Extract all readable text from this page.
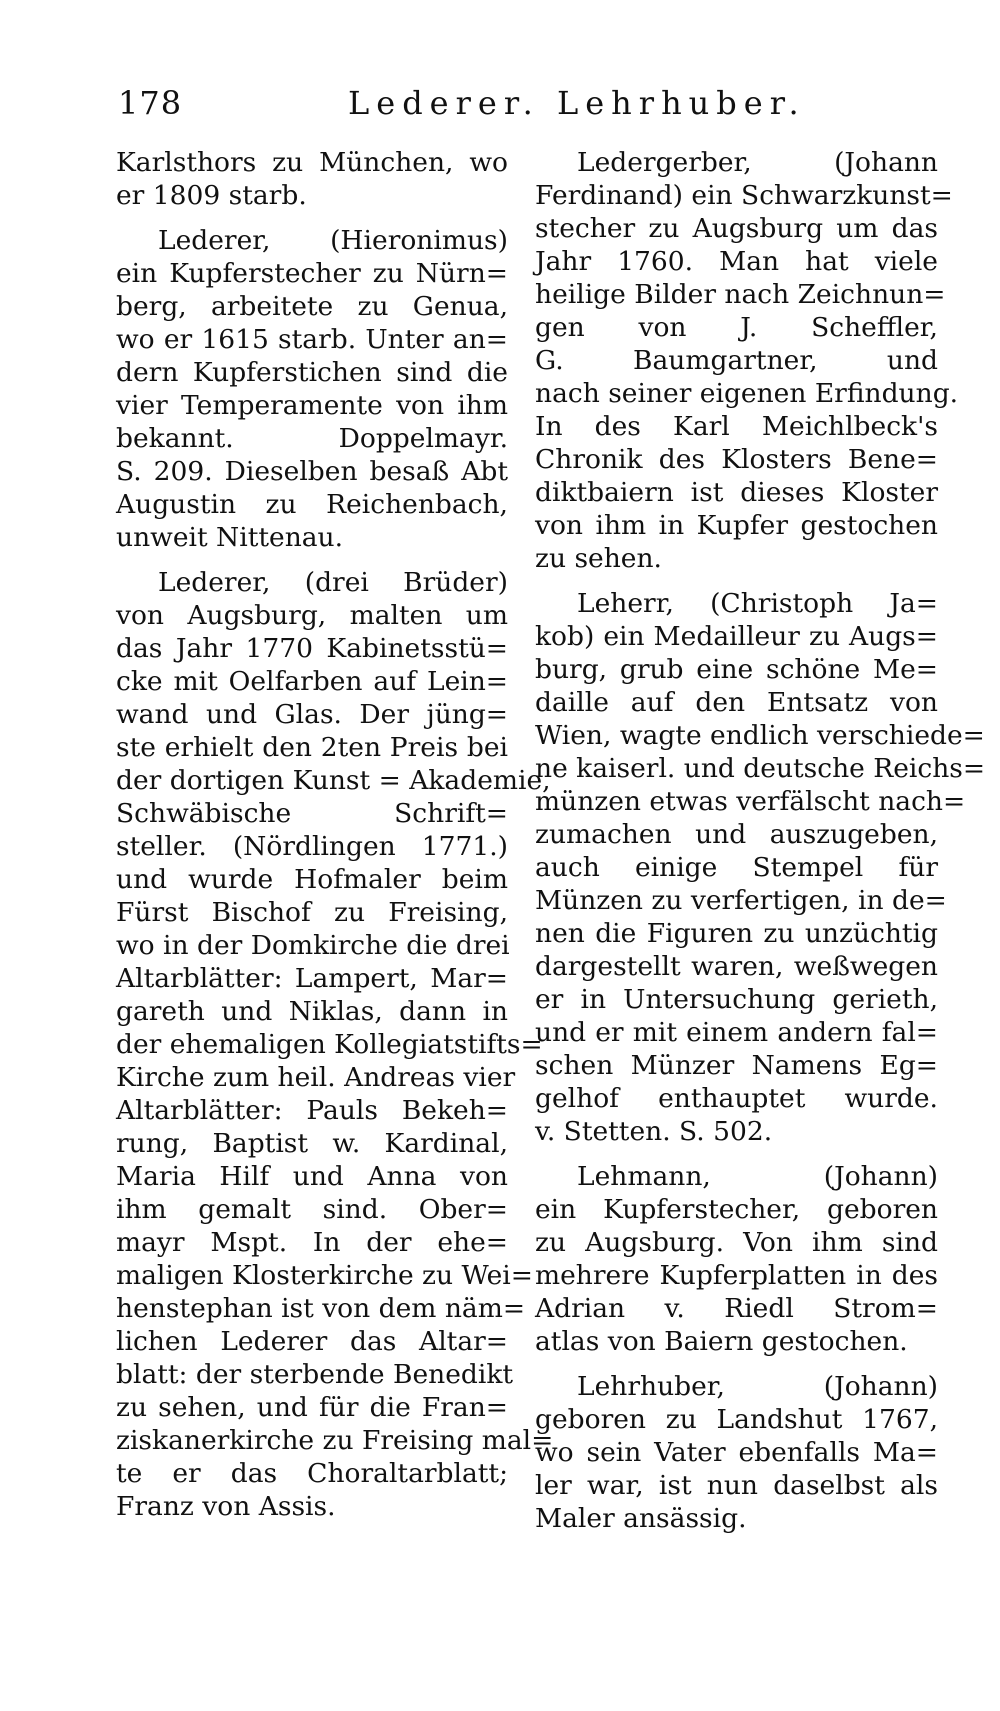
178	Lederer. Lehrhuber.
Karlsthors zu München, wo
er 1809 starb.
Lederer, (Hieronimus)
ein Kupferstecher zu Nürn=
berg, arbeitete zu Genua,
wo er 1615 starb. Unter an=
dern Kupferstichen sind die
vier Temperamente von ihm
bekannt. Doppelmayr.
S. 209. Dieselben besaß Abt
Augustin zu Reichenbach,
unweit Nittenau.
Lederer, (drei Brüder)
von Augsburg, malten um
das Jahr 1770 Kabinetsstü=
cke mit Oelfarben auf Lein=
wand und Glas. Der jüng=
ste erhielt den 2ten Preis bei
der dortigen Kunst = Akademie,
Schwäbische Schrift=
steller. (Nördlingen 1771.)
und wurde Hofmaler beim
Fürst Bischof zu Freising,
wo in der Domkirche die drei
Altarblätter: Lampert, Mar=
gareth und Niklas, dann in
der ehemaligen Kollegiatstifts=
Kirche zum heil. Andreas vier
Altarblätter: Pauls Bekeh=
rung, Baptist w. Kardinal,
Maria Hilf und Anna von
ihm gemalt sind. Ober=
mayr Mspt. In der ehe=
maligen Klosterkirche zu Wei=
henstephan ist von dem näm=
lichen Lederer das Altar=
blatt: der sterbende Benedikt
zu sehen, und für die Fran=
ziskanerkirche zu Freising mal=
te er das Choraltarblatt;
Franz von Assis.
Ledergerber, (Johann
Ferdinand) ein Schwarzkunst=
stecher zu Augsburg um das
Jahr 1760. Man hat viele
heilige Bilder nach Zeichnun=
gen von J. Scheffler,
G. Baumgartner, und
nach seiner eigenen Erfindung.
In des Karl Meichlbeck's
Chronik des Klosters Bene=
diktbaiern ist dieses Kloster
von ihm in Kupfer gestochen
zu sehen.
Leherr, (Christoph Ja=
kob) ein Medailleur zu Augs=
burg, grub eine schöne Me=
daille auf den Entsatz von
Wien, wagte endlich verschiede=
ne kaiserl. und deutsche Reichs=
münzen etwas verfälscht nach=
zumachen und auszugeben,
auch einige Stempel für
Münzen zu verfertigen, in de=
nen die Figuren zu unzüchtig
dargestellt waren, weßwegen
er in Untersuchung gerieth,
und er mit einem andern fal=
schen Münzer Namens Eg=
gelhof enthauptet wurde.
v. Stetten. S. 502.
Lehmann, (Johann)
ein Kupferstecher, geboren
zu Augsburg. Von ihm sind
mehrere Kupferplatten in des
Adrian v. Riedl Strom=
atlas von Baiern gestochen.
Lehrhuber, (Johann)
geboren zu Landshut 1767,
wo sein Vater ebenfalls Ma=
ler war, ist nun daselbst als
Maler ansässig.
